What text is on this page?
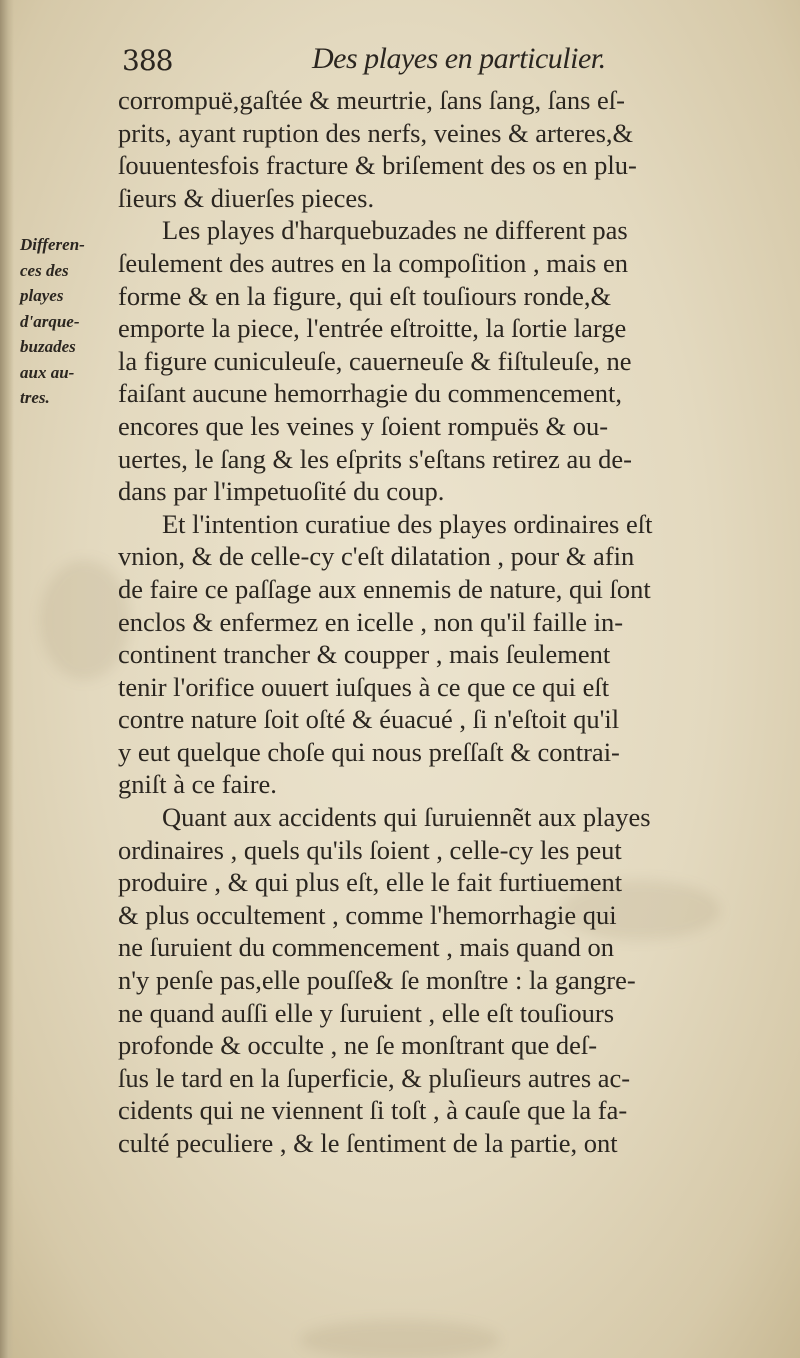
388	Des playes en particulier.
Differen-
ces des
playes
d'arque-
buzades
aux au-
tres.
corrompuë,gaſtée & meurtrie, ſans ſang, ſans eſ-
prits, ayant ruption des nerfs, veines & arteres,&
ſouuentesfois fracture & briſement des os en plu-
ſieurs & diuerſes pieces.
Les playes d'harquebuzades ne different pas
ſeulement des autres en la compoſition , mais en
forme & en la figure, qui eſt touſiours ronde,&
emporte la piece, l'entrée eſtroitte, la ſortie large
la figure cuniculeuſe, cauerneuſe & fiſtuleuſe, ne
faiſant aucune hemorrhagie du commencement,
encores que les veines y ſoient rompuës & ou-
uertes, le ſang & les eſprits s'eſtans retirez au de-
dans par l'impetuoſité du coup.
Et l'intention curatiue des playes ordinaires eſt
vnion, & de celle-cy c'eſt dilatation , pour & afin
de faire ce paſſage aux ennemis de nature, qui ſont
enclos & enfermez en icelle , non qu'il faille in-
continent trancher & coupper , mais ſeulement
tenir l'orifice ouuert iuſques à ce que ce qui eſt
contre nature ſoit oſté & éuacué , ſi n'eſtoit qu'il
y eut quelque choſe qui nous preſſaſt & contrai-
gniſt à ce faire.
Quant aux accidents qui ſuruiennẽt aux playes
ordinaires , quels qu'ils ſoient , celle-cy les peut
produire , & qui plus eſt, elle le fait furtiuement
& plus occultement , comme l'hemorrhagie qui
ne ſuruient du commencement , mais quand on
n'y penſe pas,elle pouſſe& ſe monſtre : la gangre-
ne quand auſſi elle y ſuruient , elle eſt touſiours
profonde & occulte , ne ſe monſtrant que deſ-
ſus le tard en la ſuperficie, & pluſieurs autres ac-
cidents qui ne viennent ſi toſt , à cauſe que la fa-
culté peculiere , & le ſentiment de la partie, ont
